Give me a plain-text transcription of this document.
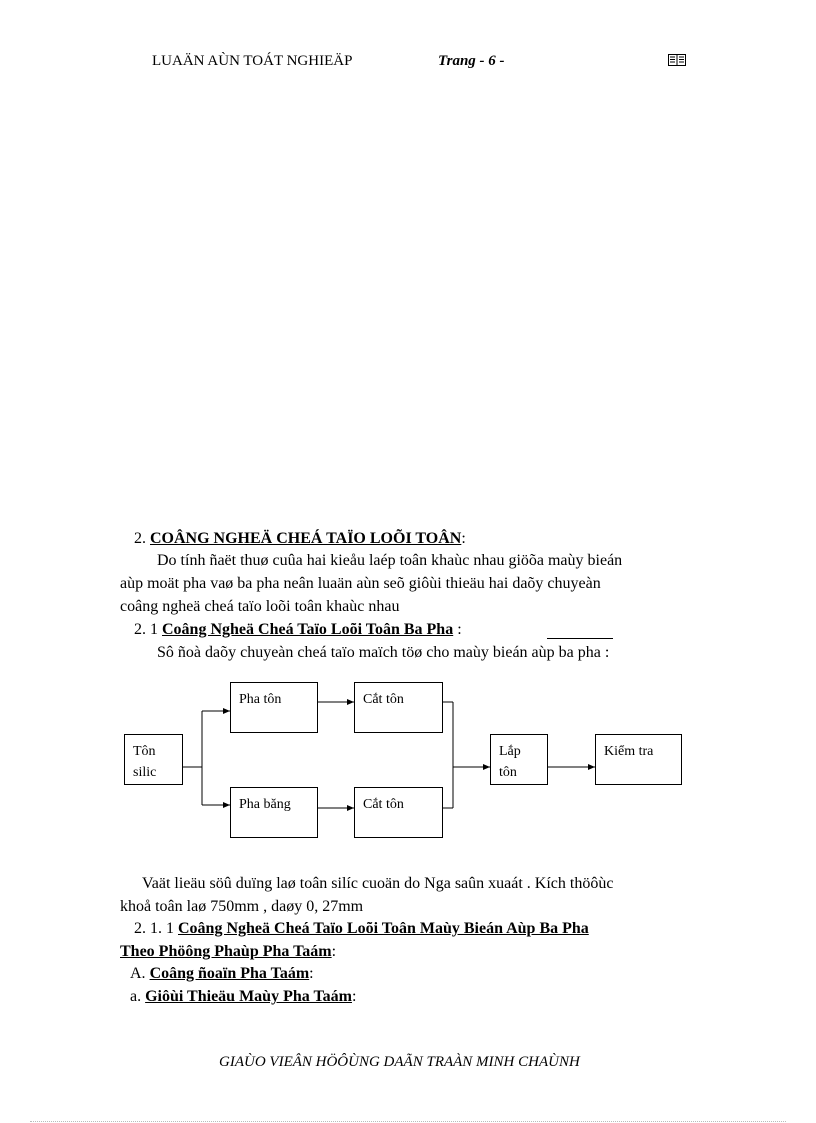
LUAÄN AÙN TOÁT NGHIEÄP	Trang - 6 -
2. COÂNG NGHEÄ CHEÁ TAÏO LOÕI TOÂN:
Do tính ñaët thuø cuûa hai kieåu laép toân khaùc nhau giöõa maùy bieán
aùp moät pha vaø ba pha neân luaän aùn seõ giôùi thieäu hai daõy chuyeàn
coâng ngheä cheá taïo loõi toân khaùc nhau
2. 1 Coâng Ngheä Cheá Taïo Loõi Toân Ba Pha :
Sô ñoà daõy chuyeàn cheá taïo maïch töø cho maùy bieán aùp ba pha :
Tôn
silic
Pha tôn	Cắt tôn
Pha băng	Cắt tôn
Lắp
tôn
Kiểm tra
Vaät lieäu söû duïng laø toân silíc cuoän do Nga saûn xuaát . Kích thöôùc
khoå toân laø 750mm , daøy 0, 27mm
2. 1. 1 Coâng Ngheä Cheá Taïo Loõi Toân Maùy Bieán Aùp Ba Pha
Theo Phöông Phaùp Pha Taám:
A. Coâng ñoaïn Pha Taám:
a. Giôùi Thieäu Maùy Pha Taám:
GIAÙO VIEÂN HÖÔÙNG DAÃN TRAÀN MINH CHAÙNH
